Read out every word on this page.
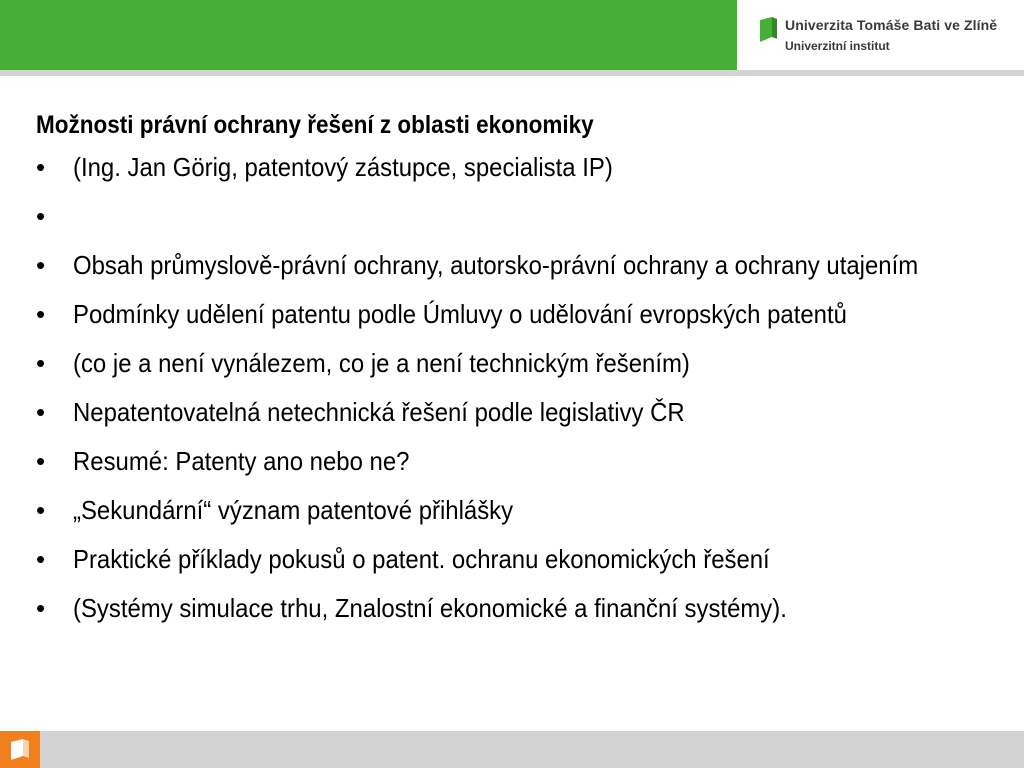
Univerzita Tomáše Bati ve Zlíně
Univerzitní institut
Možnosti právní ochrany řešení z oblasti ekonomiky
• (Ing. Jan Görig, patentový zástupce, specialista IP)
•
• Obsah průmyslově-právní ochrany, autorsko-právní ochrany a ochrany utajením
• Podmínky udělení patentu podle Úmluvy o udělování evropských patentů
• (co je a není vynálezem, co je a není technickým řešením)
• Nepatentovatelná netechnická řešení podle legislativy ČR
• Resumé: Patenty ano nebo ne?
• „Sekundární“ význam patentové přihlášky
• Praktické příklady pokusů o patent. ochranu ekonomických řešení
• (Systémy simulace trhu, Znalostní ekonomické a finanční systémy).
